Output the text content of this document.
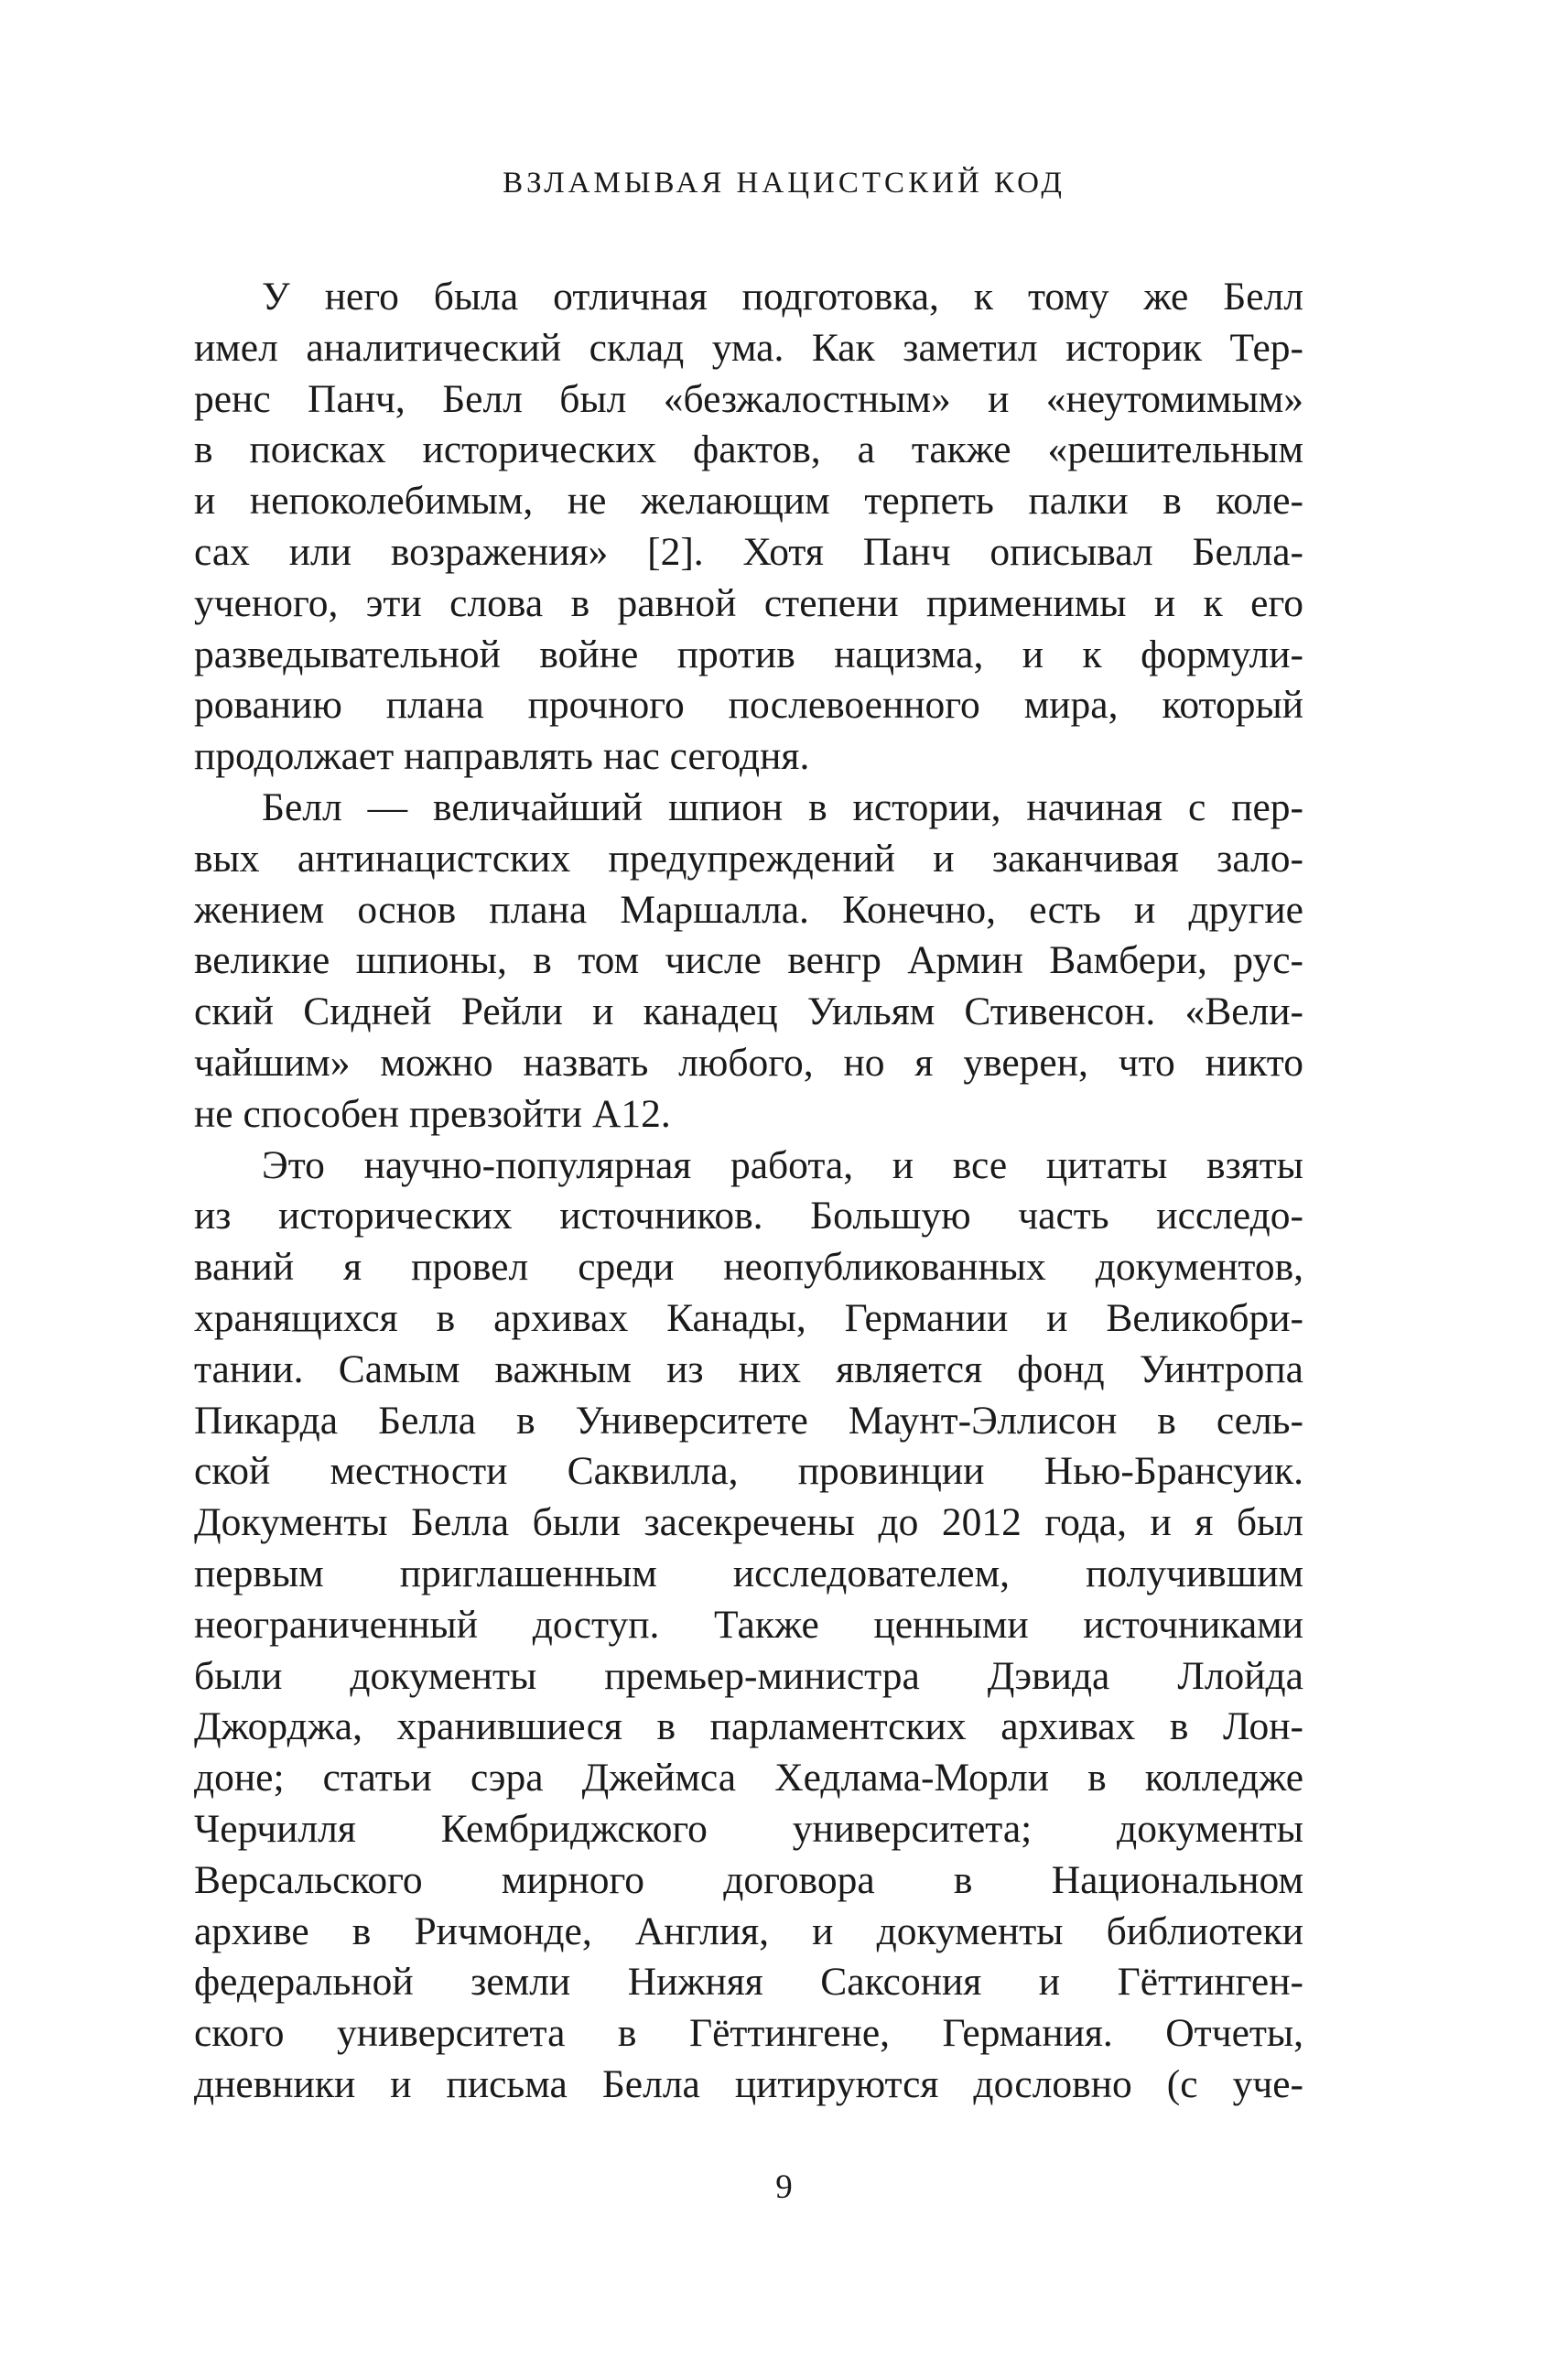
ВЗЛАМЫВАЯ НАЦИСТСКИЙ КОД
У него была отличная подготовка, к тому же Белл
имел аналитический склад ума. Как заметил историк Тер-
ренс Панч, Белл был «безжалостным» и «неутомимым»
в поисках исторических фактов, а также «решительным
и непоколебимым, не желающим терпеть палки в коле-
сах или возражения» [2]. Хотя Панч описывал Белла-
ученого, эти слова в равной степени применимы и к его
разведывательной войне против нацизма, и к формули-
рованию плана прочного послевоенного мира, который
продолжает направлять нас сегодня.
Белл — величайший шпион в истории, начиная с пер-
вых антинацистских предупреждений и заканчивая зало-
жением основ плана Маршалла. Конечно, есть и другие
великие шпионы, в том числе венгр Армин Вамбери, рус-
ский Сидней Рейли и канадец Уильям Стивенсон. «Вели-
чайшим» можно назвать любого, но я уверен, что никто
не способен превзойти A12.
Это научно-популярная работа, и все цитаты взяты
из исторических источников. Большую часть исследо-
ваний я провел среди неопубликованных документов,
хранящихся в архивах Канады, Германии и Великобри-
тании. Самым важным из них является фонд Уинтропа
Пикарда Белла в Университете Маунт-Эллисон в сель-
ской местности Саквилла, провинции Нью-Брансуик.
Документы Белла были засекречены до 2012 года, и я был
первым приглашенным исследователем, получившим
неограниченный доступ. Также ценными источниками
были документы премьер-министра Дэвида Ллойда
Джорджа, хранившиеся в парламентских архивах в Лон-
доне; статьи сэра Джеймса Хедлама-Морли в колледже
Черчилля Кембриджского университета; документы
Версальского мирного договора в Национальном
архиве в Ричмонде, Англия, и документы библиотеки
федеральной земли Нижняя Саксония и Гёттинген-
ского университета в Гёттингене, Германия. Отчеты,
дневники и письма Белла цитируются дословно (с уче-
9
